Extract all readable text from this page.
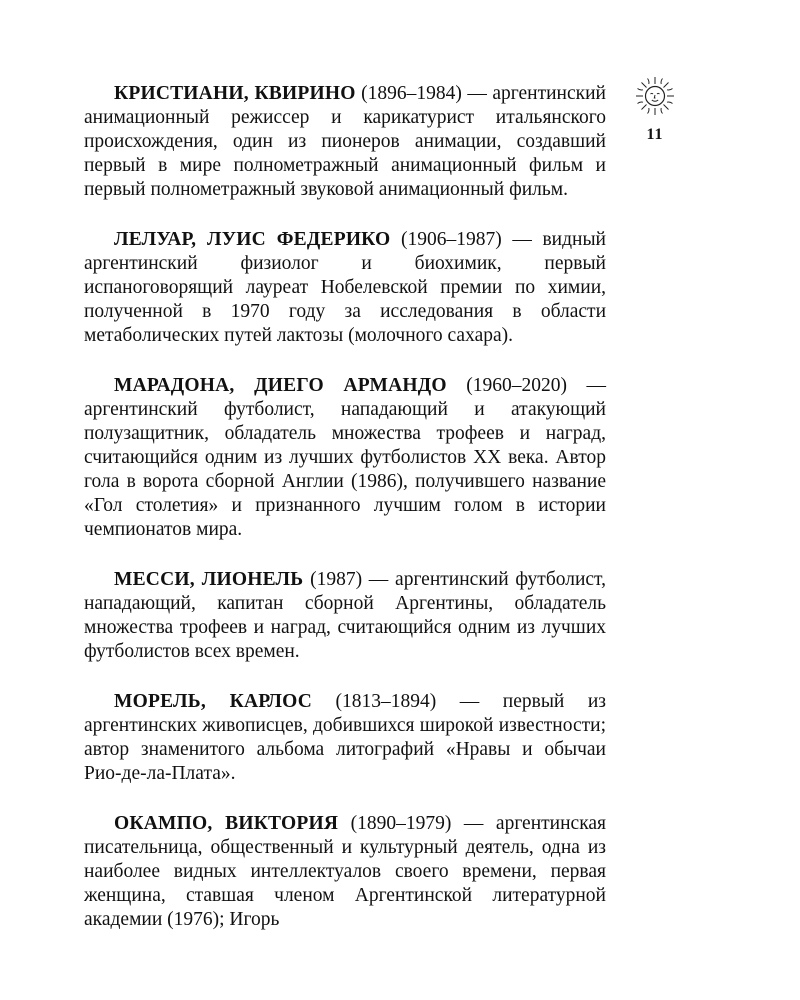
КРИСТИАНИ, КВИРИНО (1896–1984) — аргентинский анимационный режиссер и карикатурист итальянского происхождения, один из пионеров анимации, создавший первый в мире полнометражный анимационный фильм и первый полнометражный звуковой анимационный фильм.

ЛЕЛУАР, ЛУИС ФЕДЕРИКО (1906–1987) — видный аргентинский физиолог и биохимик, первый испаноговорящий лауреат Нобелевской премии по химии, полученной в 1970 году за исследования в области метаболических путей лактозы (молочного сахара).

МАРАДОНА, ДИЕГО АРМАНДО (1960–2020) — аргентинский футболист, нападающий и атакующий полузащитник, обладатель множества трофеев и наград, считающийся одним из лучших футболистов XX века. Автор гола в ворота сборной Англии (1986), получившего название «Гол столетия» и признанного лучшим голом в истории чемпионатов мира.

МЕССИ, ЛИОНЕЛЬ (1987) — аргентинский футболист, нападающий, капитан сборной Аргентины, обладатель множества трофеев и наград, считающийся одним из лучших футболистов всех времен.

МОРЕЛЬ, КАРЛОС (1813–1894) — первый из аргентинских живописцев, добившихся широкой известности; автор знаменитого альбома литографий «Нравы и обычаи Рио-де-ла-Плата».

ОКАМПО, ВИКТОРИЯ (1890–1979) — аргентинская писательница, общественный и культурный деятель, одна из наиболее видных интеллектуалов своего времени, первая женщина, ставшая членом Аргентинской литературной академии (1976); Игорь

11
